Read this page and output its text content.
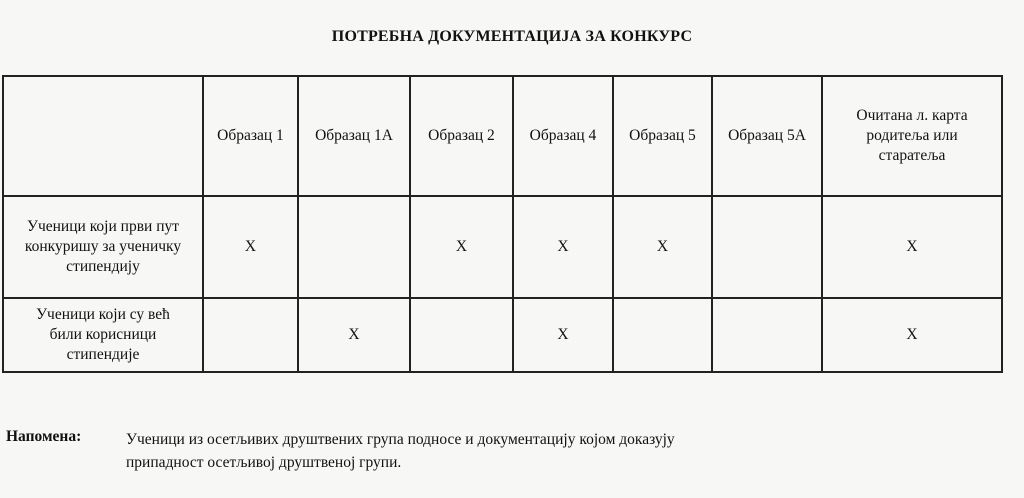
ПОТРЕБНА ДОКУМЕНТАЦИЈА ЗА КОНКУРС
	Образац 1	Образац 1А	Образац 2	Образац 4	Образац 5	Образац 5А	Очитана л. карта родитеља или старатеља
Ученици који први пут конкуришу за ученичку стипендију	X		X	X	X		X
Ученици који су већ били корисници стипендије		X		X			X
Напомена:	Ученици из осетљивих друштвених група подносе и документацију којом доказују
припадност осетљивој друштвеној групи.
